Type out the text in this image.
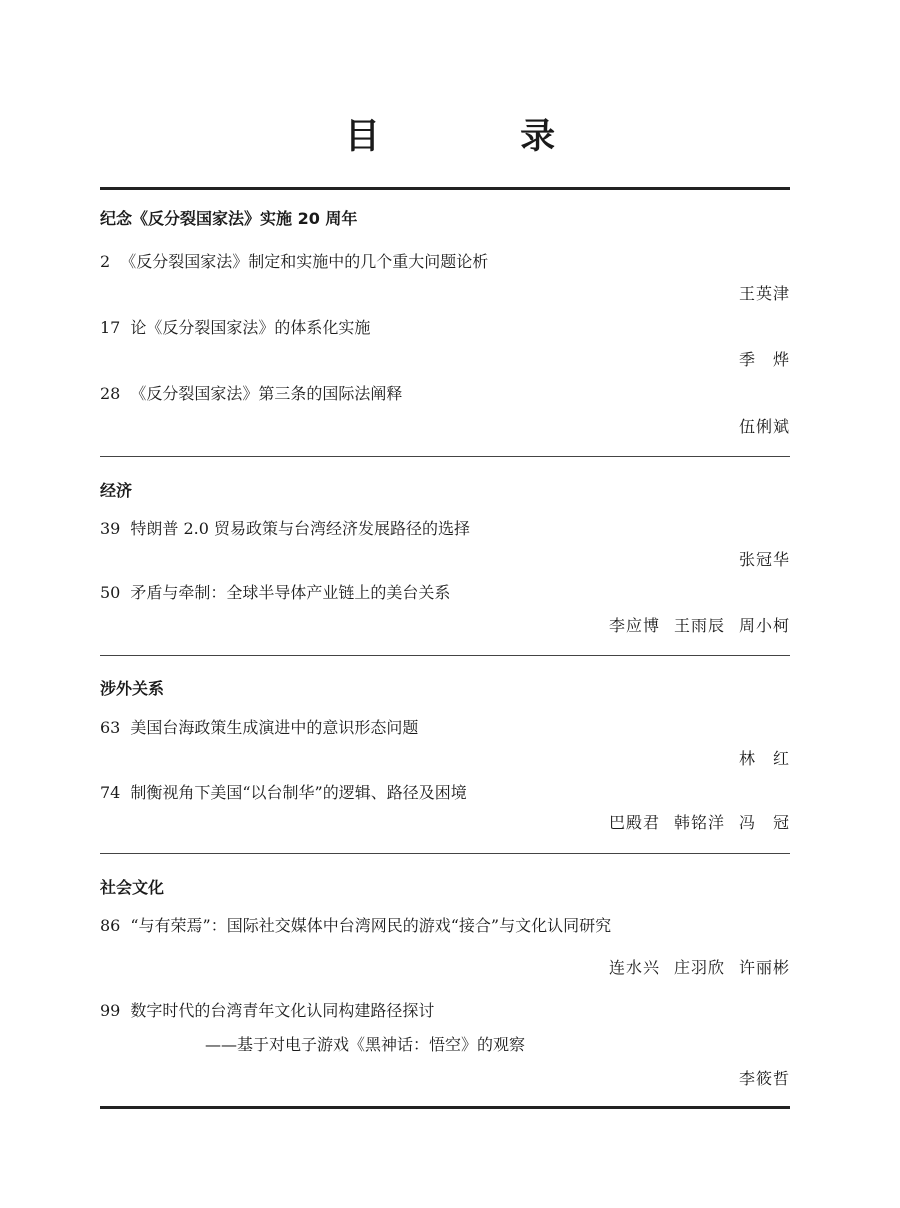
目 录
纪念《反分裂国家法》实施 20 周年
2 《反分裂国家法》制定和实施中的几个重大问题论析
王英津
17 论《反分裂国家法》的体系化实施
季　烨
28 《反分裂国家法》第三条的国际法阐释
伍俐斌
经济
39 特朗普 2.0 贸易政策与台湾经济发展路径的选择
张冠华
50 矛盾与牵制：全球半导体产业链上的美台关系
李应博 王雨辰 周小柯
涉外关系
63 美国台海政策生成演进中的意识形态问题
林　红
74 制衡视角下美国“以台制华”的逻辑、路径及困境
巴殿君 韩铭洋 冯　冠
社会文化
86 “与有荣焉”：国际社交媒体中台湾网民的游戏“接合”与文化认同研究
连水兴 庄羽欣 许丽彬
99 数字时代的台湾青年文化认同构建路径探讨
——基于对电子游戏《黑神话：悟空》的观察
李筱哲
